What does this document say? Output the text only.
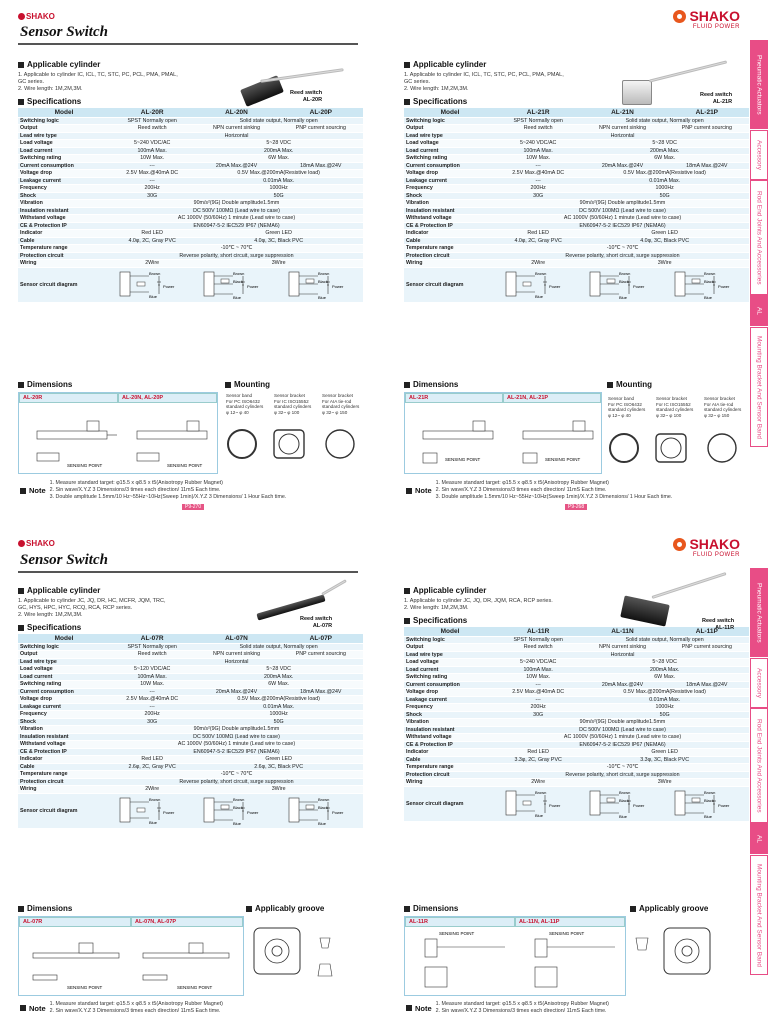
SHAKO
Sensor Switch
SHAKO
FLUID POWER
Pneumatic Actuators
Accessory
Rod End Joints And Accessories
AL
Mounting Bracket And Sensor Band
Applicable cylinder
1. Applicable to cylinder IC, ICL, TC, STC, PC, PCL, PMA, PMAL,
GC series.
2. Wire length: 1M,2M,3M.
Specifications
Model	AL-20R	AL-20N	AL-20P
Switching logic	SPST Normally open	Solid state output, Normally open	
Output	Reed switch	NPN current sinking	PNP current sourcing
Lead wire type	Horizontal		
Load voltage	5~240 VDC/AC	5~28 VDC	
Load current	100mA Max.	200mA Max.	
Switching rating	10W Max.	6W Max.	
Current consumption	---	20mA Max.@24V	18mA Max.@24V
Voltage drop	2.5V Max.@40mA DC	0.5V Max.@200mA(Resistive load)	
Leakage current	---	0.01mA Max.	
Frequency	200Hz	1000Hz	
Shock	30G	50G	
Vibration	90m/s²(9G) Double amplitude1.5mm		
Insulation resistant	DC 500V 100MΩ (Lead wire to case)		
Withstand voltage	AC 1000V (50/60Hz) 1 minute (Lead wire to case)		
CE & Protection IP	EN60947-5-2 IEC529 IP67 (NEMA6)		
Indicator	Red LED	Green LED	
Cable	4.0φ, 2C, Gray PVC	4.0φ, 3C, Black PVC	
Temperature range	-10℃ ~ 70℃		
Protection circuit	Reverse polarity, short circuit, surge suppression		
Wiring	2Wire	3Wire	
Sensor circuit diagram	Brown
Blue
Power	Brown
Black
Blue
Power	Brown
Black
Blue
Power
Reed switch
AL-20R
Applicable cylinder
1. Applicable to cylinder IC, ICL, TC, STC, PC, PCL, PMA, PMAL,
GC series.
2. Wire length: 1M,2M,3M.
Specifications
Model	AL-21R	AL-21N	AL-21P
Switching logic	SPST Normally open	Solid state output, Normally open	
Output	Reed switch	NPN current sinking	PNP current sourcing
Lead wire type	Horizontal		
Load voltage	5~240 VDC/AC	5~28 VDC	
Load current	100mA Max.	200mA Max.	
Switching rating	10W Max.	6W Max.	
Current consumption	---	20mA Max.@24V	18mA Max.@24V
Voltage drop	2.5V Max.@40mA DC	0.5V Max.@200mA(Resistive load)	
Leakage current	---	0.01mA Max.	
Frequency	200Hz	1000Hz	
Shock	30G	50G	
Vibration	90m/s²(9G) Double amplitude1.5mm		
Insulation resistant	DC 500V 100MΩ (Lead wire to case)		
Withstand voltage	AC 1000V (50/60Hz) 1 minute (Lead wire to case)		
CE & Protection IP	EN60947-5-2 IEC529 IP67 (NEMA6)		
Indicator	Red LED	Green LED	
Cable	4.0φ, 2C, Gray PVC	4.0φ, 3C, Black PVC	
Temperature range	-10℃ ~ 70℃		
Protection circuit	Reverse polarity, short circuit, surge suppression		
Wiring	2Wire	3Wire	
Sensor circuit diagram	Brown
Blue
Power	Brown
Black
Blue
Power	Brown
Black
Blue
Power
Reed switch
AL-21R
Dimensions
AL-20R	AL-20N, AL-20P
SENSING POINT	SENSING POINT
Mounting
Sensor band
For PC ISO6432
standard cylinders
φ 12~ φ 40
Sensor bracket
For IC ISO15552
standard cylinders
φ 32~ φ 100
Sensor bracket
For AIA tie-rod
standard cylinders
φ 32~ φ 150
Dimensions
AL-21R	AL-21N, AL-21P
SENSING POINT	SENSING POINT
Mounting
Sensor band
For PC ISO6432
standard cylinders
φ 12~ φ 40
Sensor bracket
For IC ISO15552
standard cylinders
φ 32~ φ 100
Sensor bracket
For AIA tie-rod
standard cylinders
φ 32~ φ 150
Note
1. Measure standard target: φ15.5 x φ8.5 x t5(Anisotropy Rubber Magnet)
2. Sin wave/X.Y.Z 3 Dimensions/3 times each direction/ 11mS Each time.
3. Double amplitude 1.5mm/10 Hz~55Hz~10Hz(Sweep 1min)/X.Y.Z 3 Dimensions/ 1 Hour Each time.
P9-270
Note
1. Measure standard target: φ15.5 x φ8.5 x t5(Anisotropy Rubber Magnet)
2. Sin wave/X.Y.Z 3 Dimensions/3 times each direction/ 11mS Each time.
3. Double amplitude 1.5mm/10 Hz~55Hz~10Hz(Sweep 1min)/X.Y.Z 3 Dimensions/ 1 Hour Each time.
P9-268
SHAKO
Sensor Switch
SHAKO
FLUID POWER
Pneumatic Actuators
Accessory
Rod End Joints And Accessories
AL
Mounting Bracket And Sensor Band
Applicable cylinder
1. Applicable to cylinder JC, JQ, DR, HC, MCFR, JQM, TRC,
GC, HYS, HPC, HYC, RCQ, RCA, RCP series.
2. Wire length: 1M,2M,3M.
Specifications
Model	AL-07R	AL-07N	AL-07P
Switching logic	SPST Normally open	Solid state output, Normally open	
Output	Reed switch	NPN current sinking	PNP current sourcing
Lead wire type	Horizontal		
Load voltage	5~120 VDC/AC	5~28 VDC	
Load current	100mA Max.	200mA Max.	
Switching rating	10W Max.	6W Max.	
Current consumption	---	20mA Max.@24V	18mA Max.@24V
Voltage drop	2.5V Max.@40mA DC	0.5V Max.@200mA(Resistive load)	
Leakage current	---	0.01mA Max.	
Frequency	200Hz	1000Hz	
Shock	30G	50G	
Vibration	90m/s²(9G) Double amplitude1.5mm		
Insulation resistant	DC 500V 100MΩ (Lead wire to case)		
Withstand voltage	AC 1000V (50/60Hz) 1 minute (Lead wire to case)		
CE & Protection IP	EN60947-5-2 IEC529 IP67 (NEMA6)		
Indicator	Red LED	Green LED	
Cable	2.6φ, 2C, Gray PVC	2.6φ, 3C, Black PVC	
Temperature range	-10℃ ~ 70℃		
Protection circuit	Reverse polarity, short circuit, surge suppression		
Wiring	2Wire	3Wire	
Sensor circuit diagram	Brown
Blue
Power	Brown
Black
Blue
Power	Brown
Black
Blue
Power
Reed switch
AL-07R
Applicable cylinder
1. Applicable to cylinder JC, JQ, DR, JQM, RCA, RCP series.
2. Wire length: 1M,2M,3M.
Specifications
Model	AL-11R	AL-11N	AL-11P
Switching logic	SPST Normally open	Solid state output, Normally open	
Output	Reed switch	NPN current sinking	PNP current sourcing
Lead wire type	Horizontal		
Load voltage	5~240 VDC/AC	5~28 VDC	
Load current	100mA Max.	200mA Max.	
Switching rating	10W Max.	6W Max.	
Current consumption	---	20mA Max.@24V	18mA Max.@24V
Voltage drop	2.5V Max.@40mA DC	0.5V Max.@200mA(Resistive load)	
Leakage current	---	0.01mA Max.	
Frequency	200Hz	1000Hz	
Shock	30G	50G	
Vibration	90m/s²(9G) Double amplitude1.5mm		
Insulation resistant	DC 500V 100MΩ (Lead wire to case)		
Withstand voltage	AC 1000V (50/60Hz) 1 minute (Lead wire to case)		
CE & Protection IP	EN60947-5-2 IEC529 IP67 (NEMA6)		
Indicator	Red LED	Green LED	
Cable	3.3φ, 2C, Gray PVC	3.3φ, 3C, Black PVC	
Temperature range	-10℃ ~ 70℃		
Protection circuit	Reverse polarity, short circuit, surge suppression		
Wiring	2Wire	3Wire	
Sensor circuit diagram	Brown
Blue
Power	Brown
Black
Blue
Power	Brown
Black
Blue
Power
Reed switch
AL-11R
Dimensions
AL-07R	AL-07N, AL-07P
SENSING POINT	SENSING POINT
Applicably groove	Dimensions
AL-11R	AL-11N, AL-11P
SENSING POINT	SENSING POINT
Applicably groove
Note 1. Measure standard target: φ15.5 x φ8.5 x t5(Anisotropy Rubber Magnet)
2. Sin wave/X.Y.Z 3 Dimensions/3 times each direction/ 11mS Each time.	Note 1. Measure standard target: φ15.5 x φ8.5 x t5(Anisotropy Rubber Magnet)
2. Sin wave/X.Y.Z 3 Dimensions/3 times each direction/ 11mS Each time.
